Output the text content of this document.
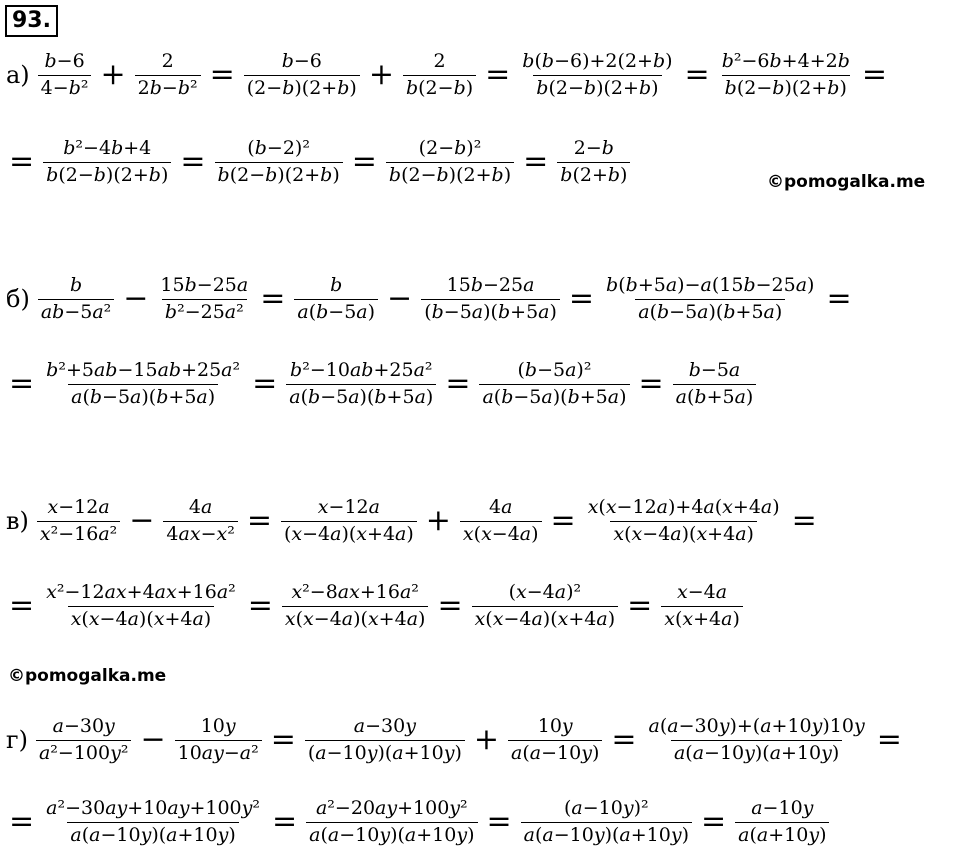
93.
$а) \frac{b-6}{\text{4−b²}} + \frac{2}{\text{2b−b²}} = \frac{b-6}{(2-b)(2+b)} + \frac{2}{b(2-b)} = \frac{b(b-6)+2(2+b)}{b(2-b)(2+b)} = \frac{\text{b²−6b+4+2b}}{b(2-b)(2+b)}$ =
= $\frac{\text{b²−4b+4}}{b(2-b)(2+b)} = \frac{\text{(b−2)²}}{b(2-b)(2+b)} = \frac{\text{(2−b)²}}{b(2-b)(2+b)} = \frac{2-b}{b(2+b)}$
$б) \frac{b}{\text{ab−5a²}} - \frac{15b-25a}{\text{b²−25a²}} = \frac{b}{a(b-5a)} - \frac{15b-25a}{(b-5a)(b+5a)} = \frac{b(b+5a)-a(15b-25a)}{a(b-5a)(b+5a)}$ =
= $\frac{\text{b²+5ab−15ab+25a²}}{a(b-5a)(b+5a)} = \frac{\text{b²−10ab+25a²}}{a(b-5a)(b+5a)} = \frac{\text{(b−5a)²}}{a(b-5a)(b+5a)} = \frac{b-5a}{a(b+5a)}$
$в) \frac{x-12a}{\text{x²−16a²}} - \frac{4a}{\text{4ax−x²}} = \frac{x-12a}{(x-4a)(x+4a)} + \frac{4a}{x(x-4a)} = \frac{x(x-12a)+4a(x+4a)}{x(x-4a)(x+4a)}$ =
= $\frac{\text{x²−12ax+4ax+16a²}}{x(x-4a)(x+4a)} = \frac{\text{x²−8ax+16a²}}{x(x-4a)(x+4a)} = \frac{\text{(x−4a)²}}{x(x-4a)(x+4a)} = \frac{x-4a}{x(x+4a)}$
$г) \frac{a-30y}{\text{a²−100y²}} - \frac{10y}{\text{10ay−a²}} = \frac{a-30y}{(a-10y)(a+10y)} + \frac{10y}{a(a-10y)} = \frac{a(a-30y)+(a+10y)10y}{a(a-10y)(a+10y)}$ =
= $\frac{\text{a²−30ay+10ay+100y²}}{a(a-10y)(a+10y)} = \frac{\text{a²−20ay+100y²}}{a(a-10y)(a+10y)} = \frac{\text{(a−10y)²}}{a(a-10y)(a+10y)} = \frac{a-10y}{a(a+10y)}$
©pomogalka.me
©pomogalka.me
